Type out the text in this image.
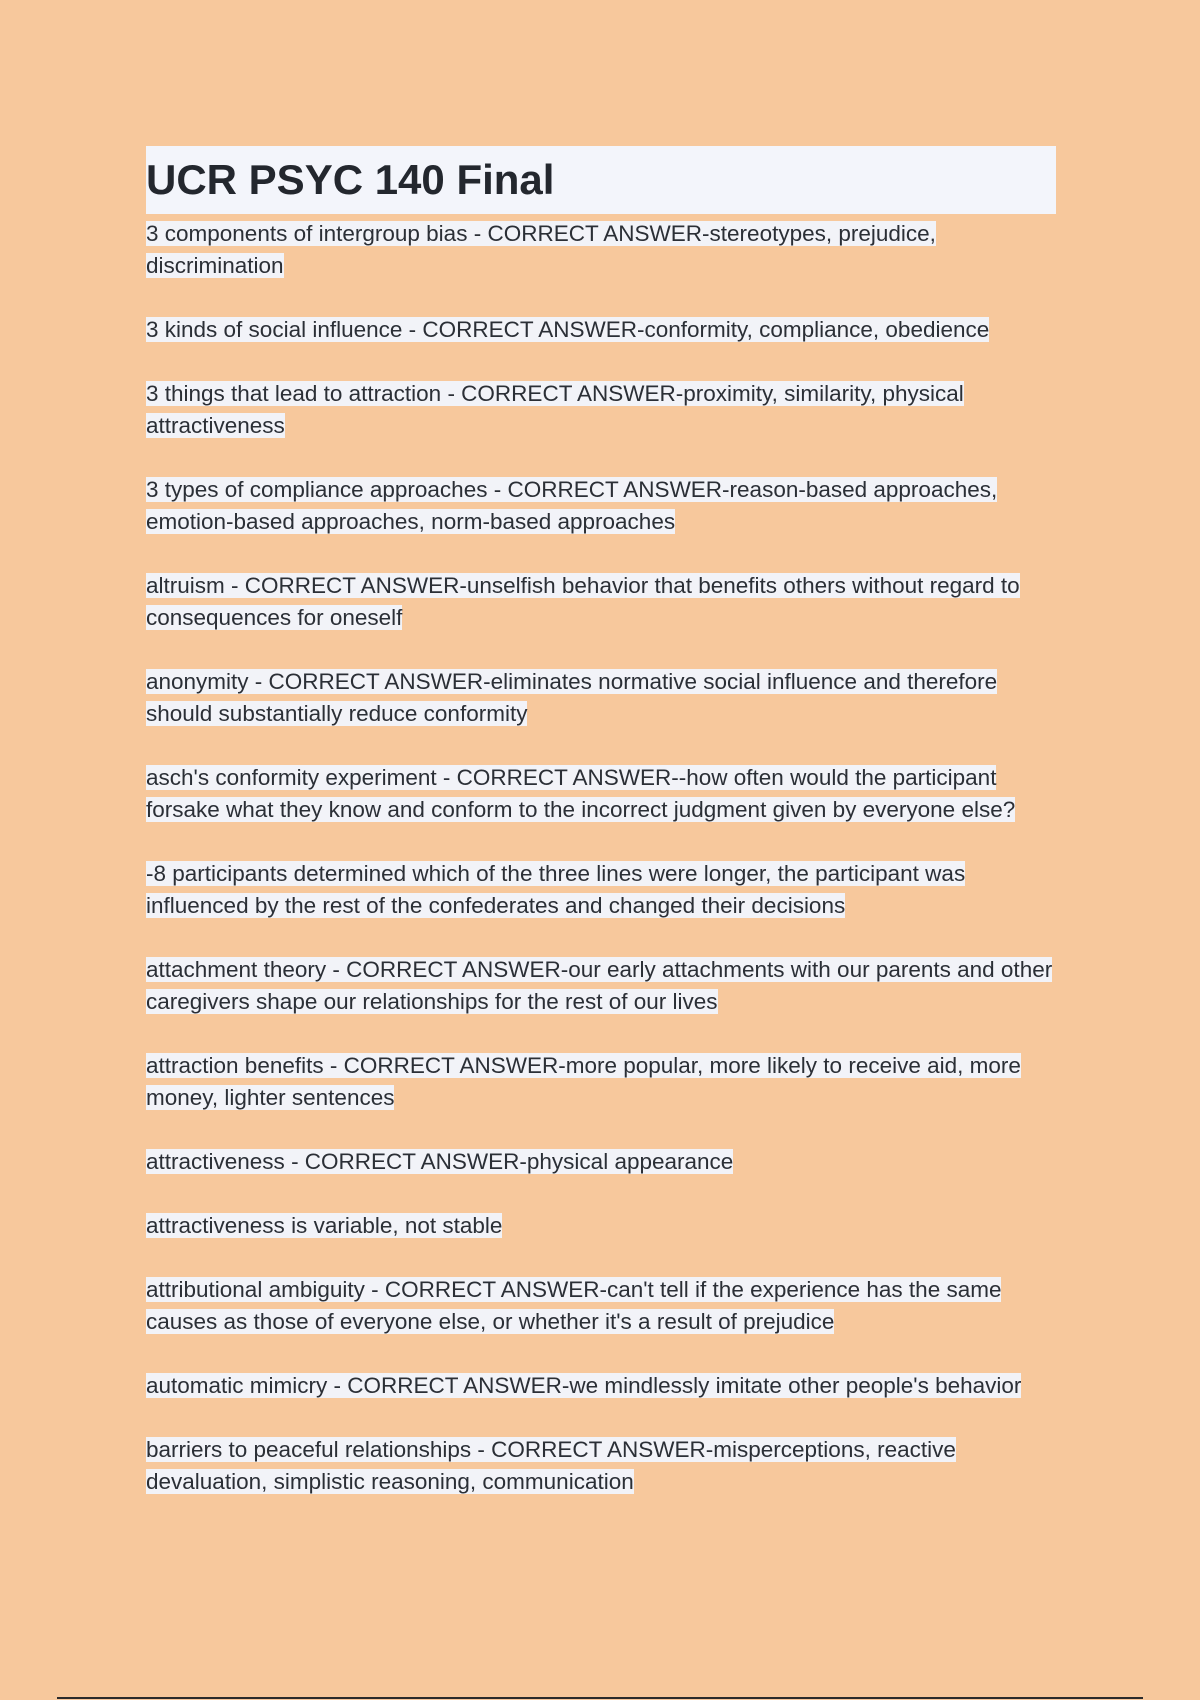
UCR PSYC 140 Final

3 components of intergroup bias - CORRECT ANSWER-stereotypes, prejudice, discrimination

3 kinds of social influence - CORRECT ANSWER-conformity, compliance, obedience

3 things that lead to attraction - CORRECT ANSWER-proximity, similarity, physical attractiveness

3 types of compliance approaches - CORRECT ANSWER-reason-based approaches, emotion-based approaches, norm-based approaches

altruism - CORRECT ANSWER-unselfish behavior that benefits others without regard to consequences for oneself

anonymity - CORRECT ANSWER-eliminates normative social influence and therefore should substantially reduce conformity

asch's conformity experiment - CORRECT ANSWER--how often would the participant forsake what they know and conform to the incorrect judgment given by everyone else?

-8 participants determined which of the three lines were longer, the participant was influenced by the rest of the confederates and changed their decisions

attachment theory - CORRECT ANSWER-our early attachments with our parents and other caregivers shape our relationships for the rest of our lives

attraction benefits - CORRECT ANSWER-more popular, more likely to receive aid, more money, lighter sentences

attractiveness - CORRECT ANSWER-physical appearance

attractiveness is variable, not stable

attributional ambiguity - CORRECT ANSWER-can't tell if the experience has the same causes as those of everyone else, or whether it's a result of prejudice

automatic mimicry - CORRECT ANSWER-we mindlessly imitate other people's behavior

barriers to peaceful relationships - CORRECT ANSWER-misperceptions, reactive devaluation, simplistic reasoning, communication
